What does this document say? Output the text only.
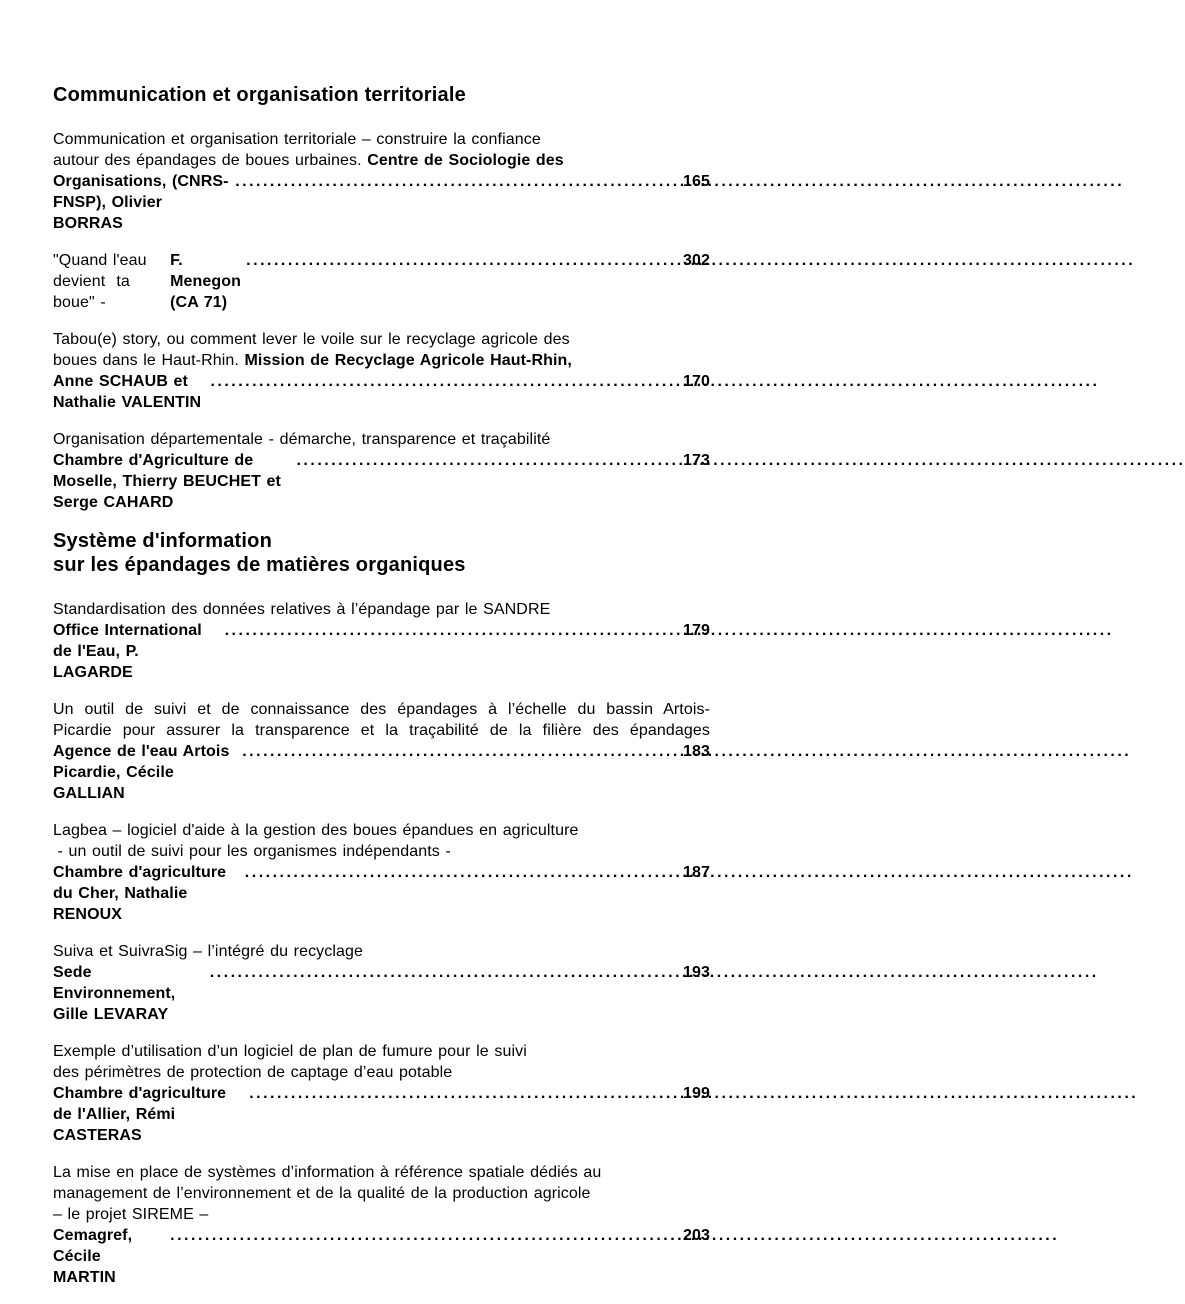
Communication et organisation territoriale
Communication et organisation territoriale – construire la confiance
autour des épandages de boues urbaines. Centre de Sociologie des
Organisations, (CNRS-FNSP), Olivier BORRAS
.....
165
"Quand l'eau devient  ta boue" -
F. Menegon (CA 71)
.....
302
Tabou(e) story, ou comment lever le voile sur le recyclage agricole des
boues dans le Haut-Rhin. Mission de Recyclage Agricole Haut-Rhin,
Anne SCHAUB et Nathalie VALENTIN
.....
170
Organisation départementale - démarche, transparence et traçabilité
Chambre d'Agriculture de Moselle, Thierry BEUCHET et Serge CAHARD
.....
173
Système d'information
sur les épandages de matières organiques
Standardisation des données relatives à l’épandage par le SANDRE
Office International de l'Eau, P. LAGARDE
.....
179
Un outil de suivi et de connaissance des épandages à l’échelle du bassin Artois-
Picardie pour assurer la transparence et la traçabilité de la filière des épandages
Agence de l'eau Artois Picardie, Cécile GALLIAN
.....
183
Lagbea – logiciel d'aide à la gestion des boues épandues en agriculture
- un outil de suivi pour les organismes indépendants -
Chambre d'agriculture du Cher, Nathalie RENOUX
.....
187
Suiva et SuivraSig – l’intégré du recyclage
Sede Environnement, Gille LEVARAY
.....
193
Exemple d’utilisation d’un logiciel de plan de fumure pour le suivi
des périmètres de protection de captage d’eau potable
Chambre d'agriculture de l'Allier, Rémi CASTERAS
.....
199
La mise en place de systèmes d’information à référence spatiale dédiés au
management de l’environnement et de la qualité de la production agricole
– le projet SIREME –
Cemagref, Cécile MARTIN
.....
203
